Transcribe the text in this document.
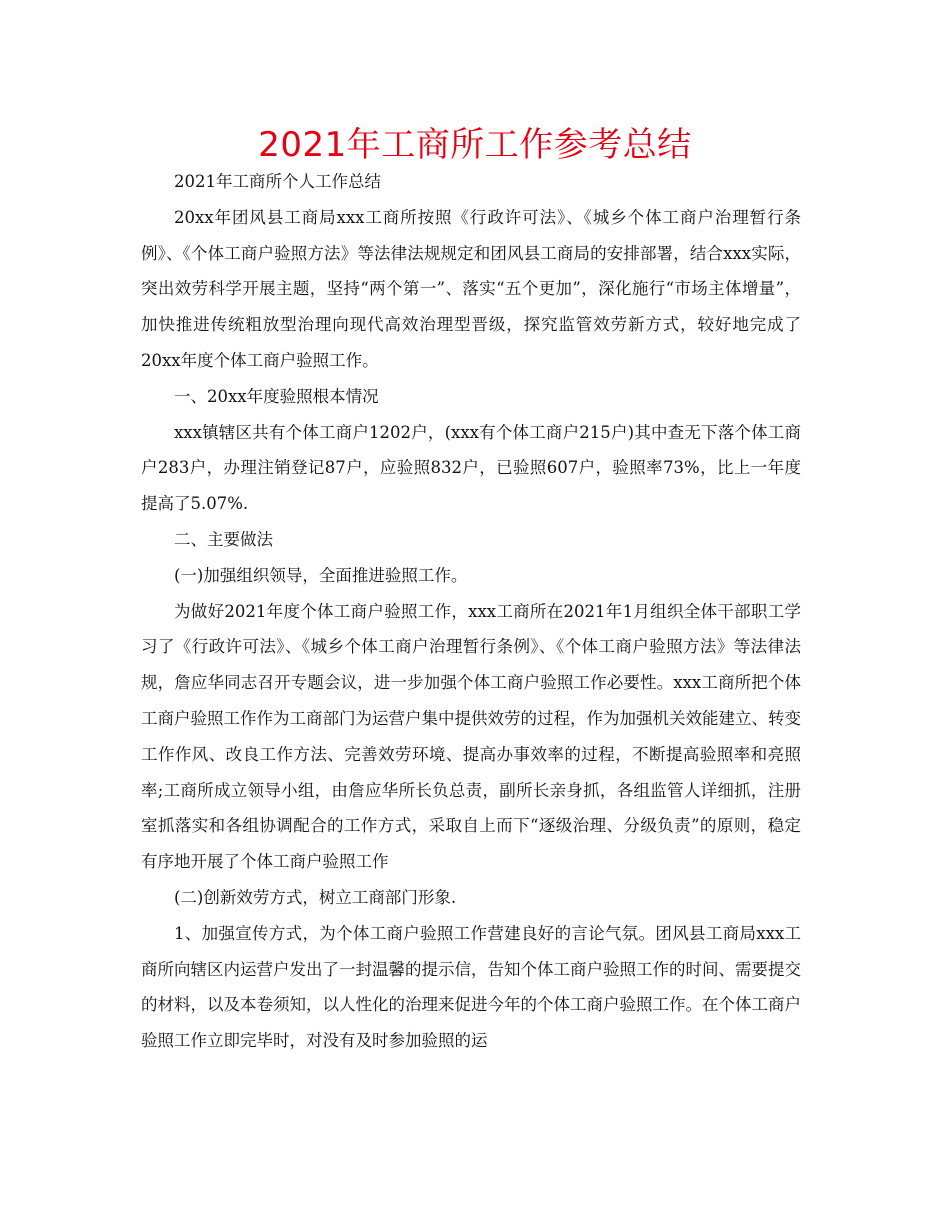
2021年工商所工作参考总结

2021年工商所个人工作总结

20xx年团风县工商局xxx工商所按照《行政许可法》、《城乡个体工商户治理暂行条例》、《个体工商户验照方法》等法律法规规定和团风县工商局的安排部署，结合xxx实际，突出效劳科学开展主题，坚持“两个第一”、落实“五个更加”，深化施行“市场主体增量”，加快推进传统粗放型治理向现代高效治理型晋级，探究监管效劳新方式，较好地完成了20xx年度个体工商户验照工作。

一、20xx年度验照根本情况

xxx镇辖区共有个体工商户1202户，(xxx有个体工商户215户)其中查无下落个体工商户283户，办理注销登记87户，应验照832户，已验照607户，验照率73%，比上一年度提高了5.07%.

二、主要做法

(一)加强组织领导，全面推进验照工作。

为做好2021年度个体工商户验照工作，xxx工商所在2021年1月组织全体干部职工学习了《行政许可法》、《城乡个体工商户治理暂行条例》、《个体工商户验照方法》等法律法规，詹应华同志召开专题会议，进一步加强个体工商户验照工作必要性。xxx工商所把个体工商户验照工作作为工商部门为运营户集中提供效劳的过程，作为加强机关效能建立、转变工作作风、改良工作方法、完善效劳环境、提高办事效率的过程，不断提高验照率和亮照率;工商所成立领导小组，由詹应华所长负总责，副所长亲身抓，各组监管人详细抓，注册室抓落实和各组协调配合的工作方式，采取自上而下“逐级治理、分级负责”的原则，稳定有序地开展了个体工商户验照工作

(二)创新效劳方式，树立工商部门形象.

1、加强宣传方式，为个体工商户验照工作营建良好的言论气氛。团风县工商局xxx工商所向辖区内运营户发出了一封温馨的提示信，告知个体工商户验照工作的时间、需要提交的材料，以及本卷须知，以人性化的治理来促进今年的个体工商户验照工作。在个体工商户验照工作立即完毕时，对没有及时参加验照的运
